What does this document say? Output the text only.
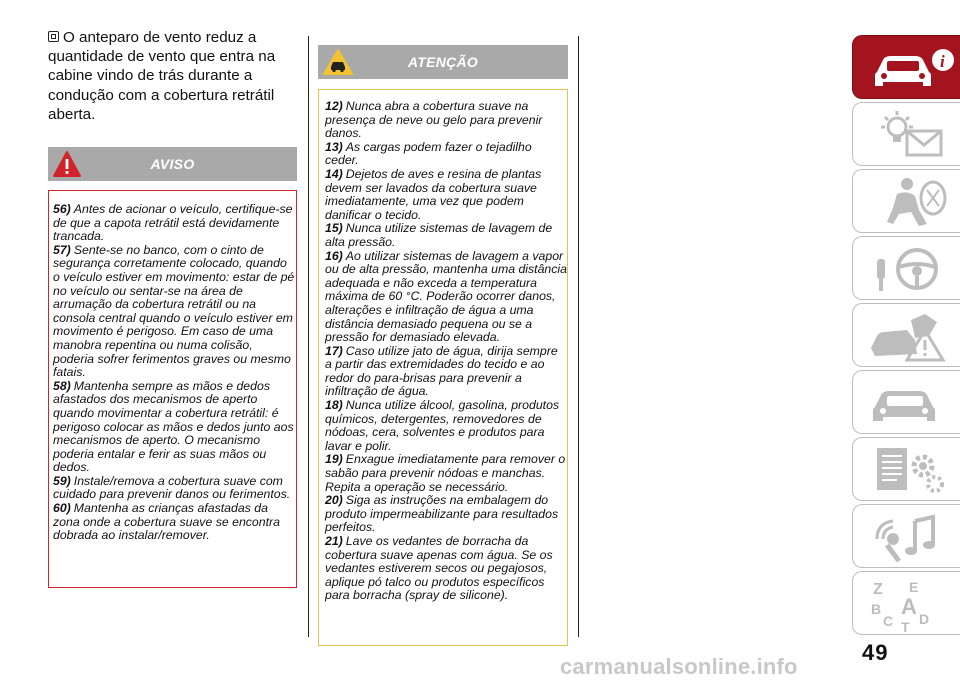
O anteparo de vento reduz a quantidade de vento que entra na cabine vindo de trás durante a condução com a cobertura retrátil aberta.

AVISO

56) Antes de acionar o veículo, certifique-se de que a capota retrátil está devidamente trancada.

57) Sente-se no banco, com o cinto de segurança corretamente colocado, quando o veículo estiver em movimento: estar de pé no veículo ou sentar-se na área de arrumação da cobertura retrátil ou na consola central quando o veículo estiver em movimento é perigoso. Em caso de uma manobra repentina ou numa colisão, poderia sofrer ferimentos graves ou mesmo fatais.

58) Mantenha sempre as mãos e dedos afastados dos mecanismos de aperto quando movimentar a cobertura retrátil: é perigoso colocar as mãos e dedos junto aos mecanismos de aperto. O mecanismo poderia entalar e ferir as suas mãos ou dedos.

59) Instale/remova a cobertura suave com cuidado para prevenir danos ou ferimentos.

60) Mantenha as crianças afastadas da zona onde a cobertura suave se encontra dobrada ao instalar/remover.

ATENÇÃO

12) Nunca abra a cobertura suave na presença de neve ou gelo para prevenir danos.

13) As cargas podem fazer o tejadilho ceder.

14) Dejetos de aves e resina de plantas devem ser lavados da cobertura suave imediatamente, uma vez que podem danificar o tecido.

15) Nunca utilize sistemas de lavagem de alta pressão.

16) Ao utilizar sistemas de lavagem a vapor ou de alta pressão, mantenha uma distância adequada e não exceda a temperatura máxima de 60 °C. Poderão ocorrer danos, alterações e infiltração de água a uma distância demasiado pequena ou se a pressão for demasiado elevada.

17) Caso utilize jato de água, dirija sempre a partir das extremidades do tecido e ao redor do para-brisas para prevenir a infiltração de água.

18) Nunca utilize álcool, gasolina, produtos químicos, detergentes, removedores de nódoas, cera, solventes e produtos para lavar e polir.

19) Enxague imediatamente para remover o sabão para prevenir nódoas e manchas. Repita a operação se necessário.

20) Siga as instruções na embalagem do produto impermeabilizante para resultados perfeitos.

21) Lave os vedantes de borracha da cobertura suave apenas com água. Se os vedantes estiverem secos ou pegajosos, aplique pó talco ou produtos específicos para borracha (spray de silicone).

i
Z E
B A
C D
T
49
carmanualsonline.info
